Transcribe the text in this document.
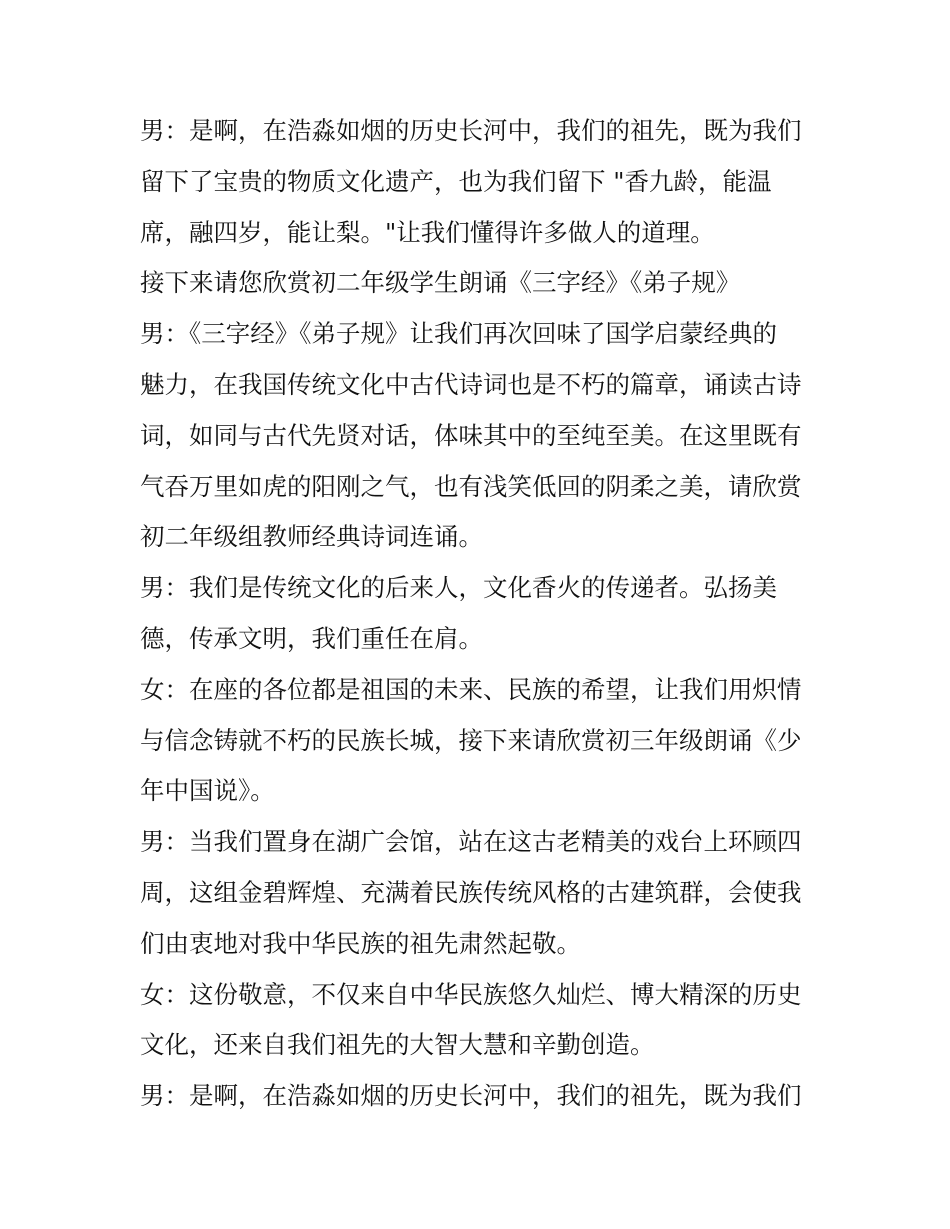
男：是啊，在浩淼如烟的历史长河中，我们的祖先，既为我们
留下了宝贵的物质文化遗产，也为我们留下 "香九龄，能温
席，融四岁，能让梨。"让我们懂得许多做人的道理。
接下来请您欣赏初二年级学生朗诵《三字经》《弟子规》
男：《三字经》《弟子规》让我们再次回味了国学启蒙经典的
魅力，在我国传统文化中古代诗词也是不朽的篇章，诵读古诗
词，如同与古代先贤对话，体味其中的至纯至美。在这里既有
气吞万里如虎的阳刚之气，也有浅笑低回的阴柔之美，请欣赏
初二年级组教师经典诗词连诵。
男：我们是传统文化的后来人，文化香火的传递者。弘扬美
德，传承文明，我们重任在肩。
女：在座的各位都是祖国的未来、民族的希望，让我们用炽情
与信念铸就不朽的民族长城，接下来请欣赏初三年级朗诵《少
年中国说》。
男：当我们置身在湖广会馆，站在这古老精美的戏台上环顾四
周，这组金碧辉煌、充满着民族传统风格的古建筑群，会使我
们由衷地对我中华民族的祖先肃然起敬。
女：这份敬意，不仅来自中华民族悠久灿烂、博大精深的历史
文化，还来自我们祖先的大智大慧和辛勤创造。
男：是啊，在浩淼如烟的历史长河中，我们的祖先，既为我们
